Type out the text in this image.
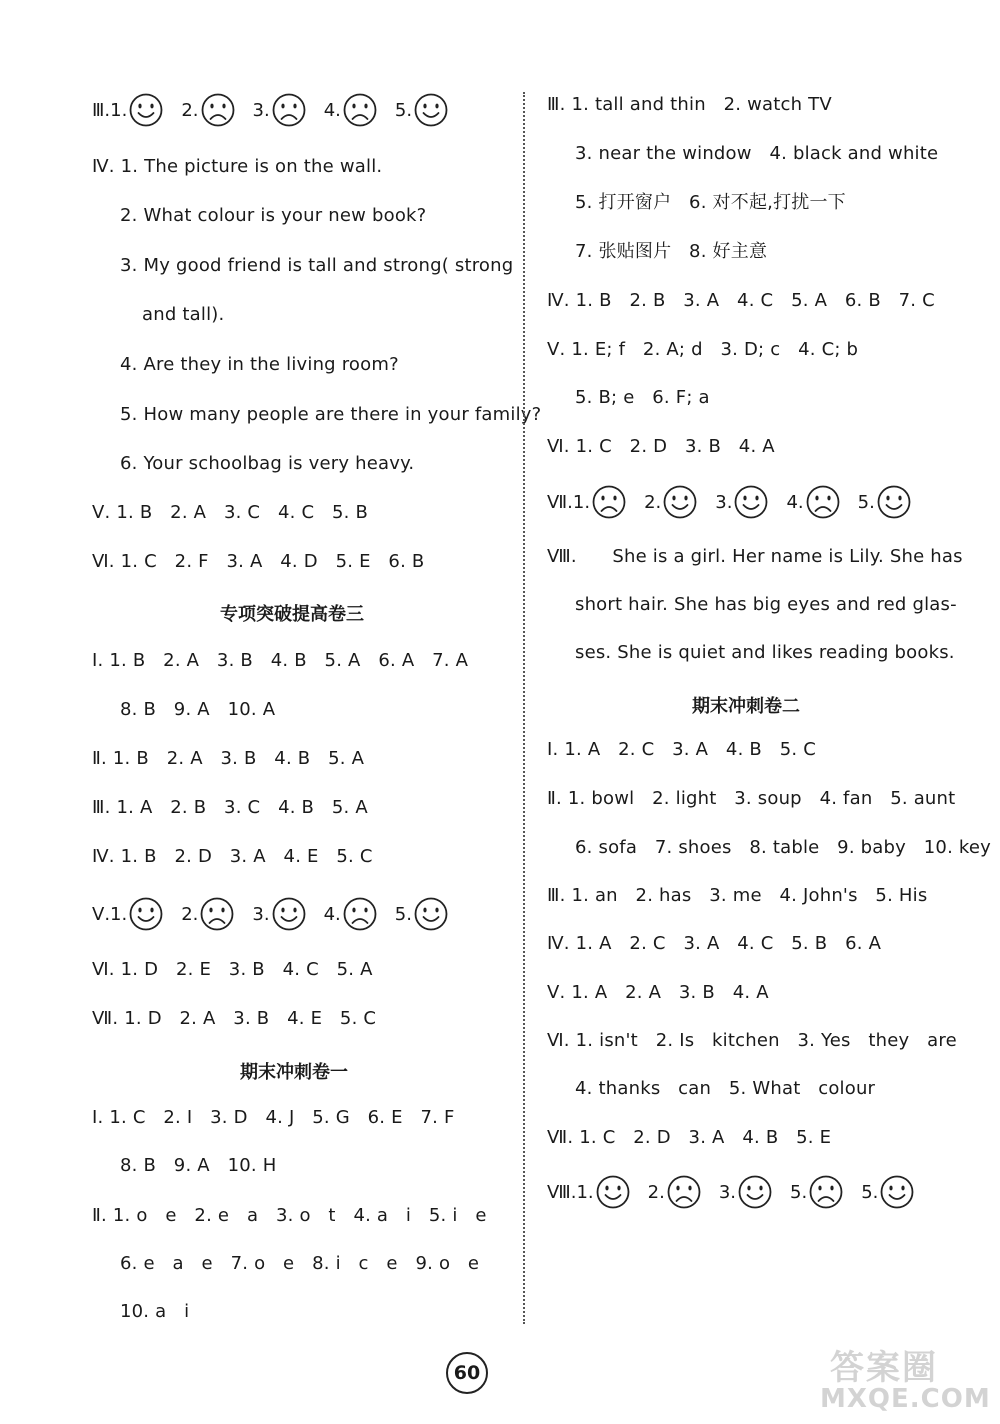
Ⅲ. 1.	2.	3.	4.	5.
Ⅳ. 1. The picture is on the wall.
2. What colour is your new book?
3. My good friend is tall and strong( strong
and tall).
4. Are they in the living room?
5. How many people are there in your family?
6. Your schoolbag is very heavy.
Ⅴ. 1. B   2. A   3. C   4. C   5. B
Ⅵ. 1. C   2. F   3. A   4. D   5. E   6. B
专项突破提高卷三
Ⅰ. 1. B   2. A   3. B   4. B   5. A   6. A   7. A
8. B   9. A   10. A
Ⅱ. 1. B   2. A   3. B   4. B   5. A
Ⅲ. 1. A   2. B   3. C   4. B   5. A
Ⅳ. 1. B   2. D   3. A   4. E   5. C
Ⅴ. 1.	2.	3.	4.	5.
Ⅵ. 1. D   2. E   3. B   4. C   5. A
Ⅶ. 1. D   2. A   3. B   4. E   5. C
期末冲刺卷一
Ⅰ. 1. C   2. I   3. D   4. J   5. G   6. E   7. F
8. B   9. A   10. H
Ⅱ. 1. o   e   2. e   a   3. o   t   4. a   i   5. i   e
6. e   a   e   7. o   e   8. i   c   e   9. o   e
10. a   i
Ⅲ. 1. tall and thin   2. watch TV
3. near the window   4. black and white
5. 打开窗户   6. 对不起,打扰一下
7. 张贴图片   8. 好主意
Ⅳ. 1. B   2. B   3. A   4. C   5. A   6. B   7. C
Ⅴ. 1. E; f   2. A; d   3. D; c   4. C; b
5. B; e   6. F; a
Ⅵ. 1. C   2. D   3. B   4. A
Ⅶ. 1.	2.	3.	4.	5.
Ⅷ.      She is a girl. Her name is Lily. She has
short hair. She has big eyes and red glas-
ses. She is quiet and likes reading books.
期末冲刺卷二
Ⅰ. 1. A   2. C   3. A   4. B   5. C
Ⅱ. 1. bowl   2. light   3. soup   4. fan   5. aunt
6. sofa   7. shoes   8. table   9. baby   10. key
Ⅲ. 1. an   2. has   3. me   4. John's   5. His
Ⅳ. 1. A   2. C   3. A   4. C   5. B   6. A
Ⅴ. 1. A   2. A   3. B   4. A
Ⅵ. 1. isn't   2. Is   kitchen   3. Yes   they   are
4. thanks   can   5. What   colour
Ⅶ. 1. C   2. D   3. A   4. B   5. E
Ⅷ. 1.	2.	3.	5.	5.
60	答案圈
MXQE.COM
